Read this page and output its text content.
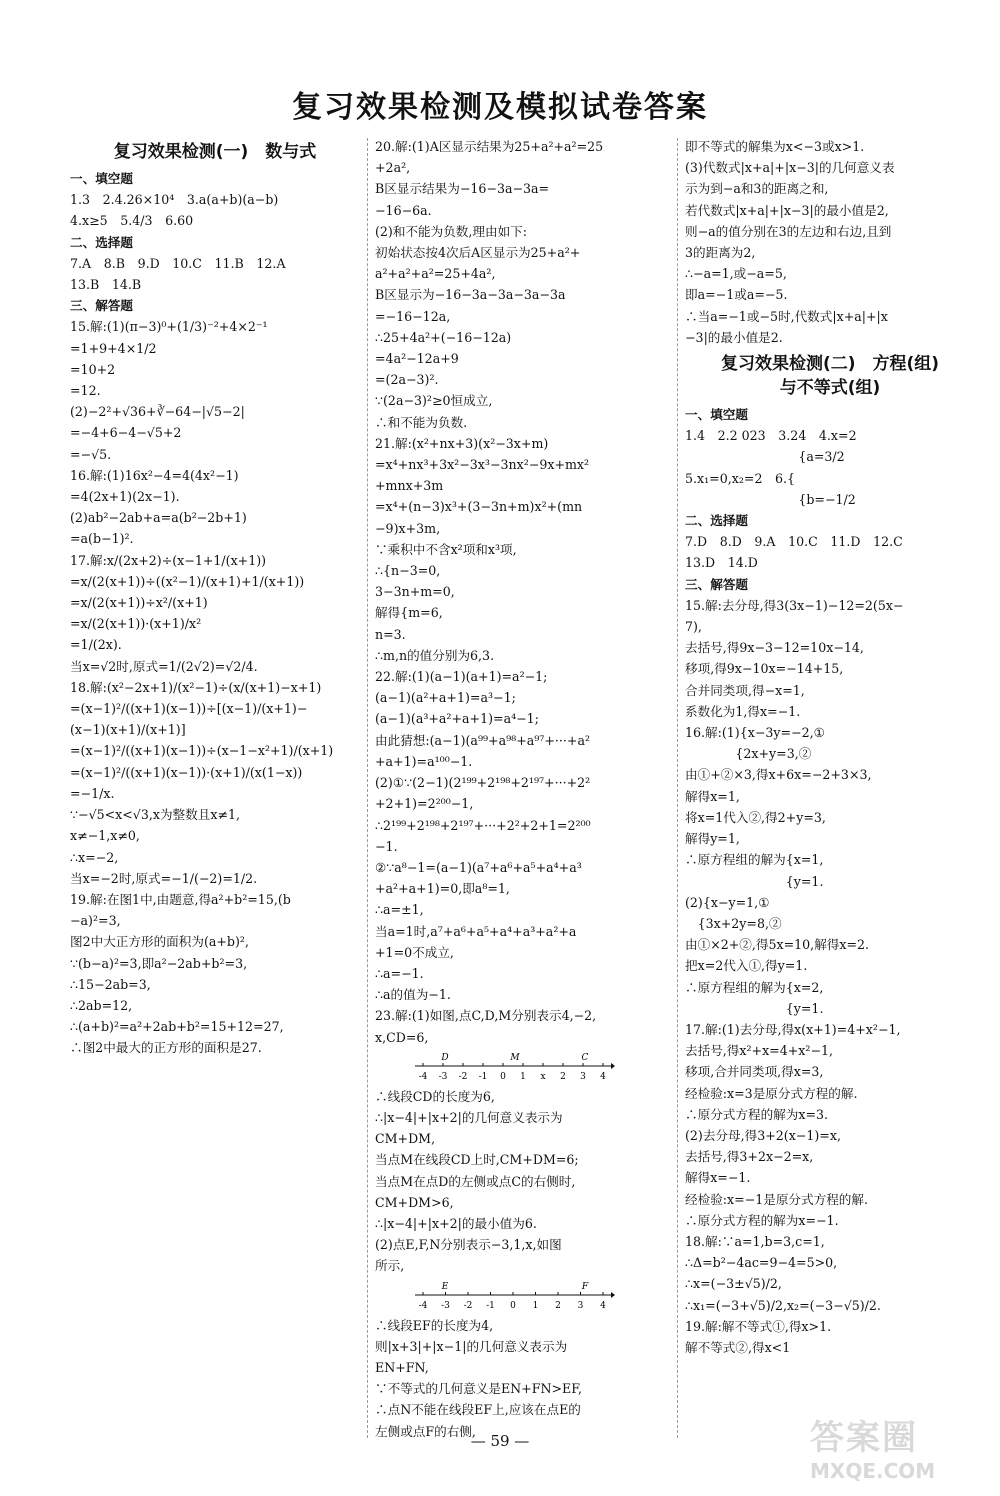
复习效果检测及模拟试卷答案
复习效果检测(一)　数与式
一、填空题
1.3　2.4.26×10⁴　3.a(a+b)(a−b)
4.x≥5　5.4/3　6.60
二、选择题
7.A　8.B　9.D　10.C　11.B　12.A
13.B　14.B
三、解答题
15.解:(1)(π−3)⁰+(1/3)⁻²+4×2⁻¹
=1+9+4×1/2
=10+2
=12.
(2)−2²+√36+∛−64−|√5−2|
=−4+6−4−√5+2
=−√5.
16.解:(1)16x²−4=4(4x²−1)
=4(2x+1)(2x−1).
(2)ab²−2ab+a=a(b²−2b+1)
=a(b−1)².
17.解:x/(2x+2)÷(x−1+1/(x+1))
=x/(2(x+1))÷((x²−1)/(x+1)+1/(x+1))
=x/(2(x+1))÷x²/(x+1)
=x/(2(x+1))·(x+1)/x²
=1/(2x).
当x=√2时,原式=1/(2√2)=√2/4.
18.解:(x²−2x+1)/(x²−1)÷(x/(x+1)−x+1)
=(x−1)²/((x+1)(x−1))÷[(x−1)/(x+1)−
(x−1)(x+1)/(x+1)]
=(x−1)²/((x+1)(x−1))÷(x−1−x²+1)/(x+1)
=(x−1)²/((x+1)(x−1))·(x+1)/(x(1−x))
=−1/x.
∵−√5<x<√3,x为整数且x≠1,
x≠−1,x≠0,
∴x=−2,
当x=−2时,原式=−1/(−2)=1/2.
19.解:在图1中,由题意,得a²+b²=15,(b
−a)²=3,
图2中大正方形的面积为(a+b)²,
∵(b−a)²=3,即a²−2ab+b²=3,
∴15−2ab=3,
∴2ab=12,
∴(a+b)²=a²+2ab+b²=15+12=27,
∴图2中最大的正方形的面积是27.
20.解:(1)A区显示结果为25+a²+a²=25
+2a²,
B区显示结果为−16−3a−3a=
−16−6a.
(2)和不能为负数,理由如下:
初始状态按4次后A区显示为25+a²+
a²+a²+a²=25+4a²,
B区显示为−16−3a−3a−3a−3a
=−16−12a,
∴25+4a²+(−16−12a)
=4a²−12a+9
=(2a−3)².
∵(2a−3)²≥0恒成立,
∴和不能为负数.
21.解:(x²+nx+3)(x²−3x+m)
=x⁴+nx³+3x²−3x³−3nx²−9x+mx²
+mnx+3m
=x⁴+(n−3)x³+(3−3n+m)x²+(mn
−9)x+3m,
∵乘积中不含x²项和x³项,
∴{n−3=0,
3−3n+m=0,
解得{m=6,
n=3.
∴m,n的值分别为6,3.
22.解:(1)(a−1)(a+1)=a²−1;
(a−1)(a²+a+1)=a³−1;
(a−1)(a³+a²+a+1)=a⁴−1;
由此猜想:(a−1)(a⁹⁹+a⁹⁸+a⁹⁷+···+a²
+a+1)=a¹⁰⁰−1.
(2)①∵(2−1)(2¹⁹⁹+2¹⁹⁸+2¹⁹⁷+···+2²
+2+1)=2²⁰⁰−1,
∴2¹⁹⁹+2¹⁹⁸+2¹⁹⁷+···+2²+2+1=2²⁰⁰
−1.
②∵a⁸−1=(a−1)(a⁷+a⁶+a⁵+a⁴+a³
+a²+a+1)=0,即a⁸=1,
∴a=±1,
当a=1时,a⁷+a⁶+a⁵+a⁴+a³+a²+a
+1=0不成立,
∴a=−1.
∴a的值为−1.
23.解:(1)如图,点C,D,M分别表示4,−2,
x,CD=6,
-4 -3 -2 -1 0 1 x 2 3 4
D	M	C
∴线段CD的长度为6,
∴|x−4|+|x+2|的几何意义表示为
CM+DM,
当点M在线段CD上时,CM+DM=6;
当点M在点D的左侧或点C的右侧时,
CM+DM>6,
∴|x−4|+|x+2|的最小值为6.
(2)点E,F,N分别表示−3,1,x,如图
所示,
-4 -3 -2 -1 0 1 2 3 4
E	F
∴线段EF的长度为4,
则|x+3|+|x−1|的几何意义表示为
EN+FN,
∵不等式的几何意义是EN+FN>EF,
∴点N不能在线段EF上,应该在点E的
左侧或点F的右侧,
即不等式的解集为x<−3或x>1.
(3)代数式|x+a|+|x−3|的几何意义表
示为到−a和3的距离之和,
若代数式|x+a|+|x−3|的最小值是2,
则−a的值分别在3的左边和右边,且到
3的距离为2,
∴−a=1,或−a=5,
即a=−1或a=−5.
∴当a=−1或−5时,代数式|x+a|+|x
−3|的最小值是2.
复习效果检测(二)　方程(组)
与不等式(组)
一、填空题
1.4　2.2 023　3.24　4.x=2
　　　　　　　　　{a=3/2
5.x₁=0,x₂=2　6.{
　　　　　　　　　{b=−1/2
二、选择题
7.D　8.D　9.A　10.C　11.D　12.C
13.D　14.D
三、解答题
15.解:去分母,得3(3x−1)−12=2(5x−
7),
去括号,得9x−3−12=10x−14,
移项,得9x−10x=−14+15,
合并同类项,得−x=1,
系数化为1,得x=−1.
16.解:(1){x−3y=−2,①
　　　　{2x+y=3,②
由①+②×3,得x+6x=−2+3×3,
解得x=1,
将x=1代入②,得2+y=3,
解得y=1,
∴原方程组的解为{x=1,
　　　　　　　　{y=1.
(2){x−y=1,①
　{3x+2y=8,②
由①×2+②,得5x=10,解得x=2.
把x=2代入①,得y=1.
∴原方程组的解为{x=2,
　　　　　　　　{y=1.
17.解:(1)去分母,得x(x+1)=4+x²−1,
去括号,得x²+x=4+x²−1,
移项,合并同类项,得x=3,
经检验:x=3是原分式方程的解.
∴原分式方程的解为x=3.
(2)去分母,得3+2(x−1)=x,
去括号,得3+2x−2=x,
解得x=−1.
经检验:x=−1是原分式方程的解.
∴原分式方程的解为x=−1.
18.解:∵a=1,b=3,c=1,
∴Δ=b²−4ac=9−4=5>0,
∴x=(−3±√5)/2,
∴x₁=(−3+√5)/2,x₂=(−3−√5)/2.
19.解:解不等式①,得x>1.
解不等式②,得x<1
— 59 —	答案圈
MXQE.COM
